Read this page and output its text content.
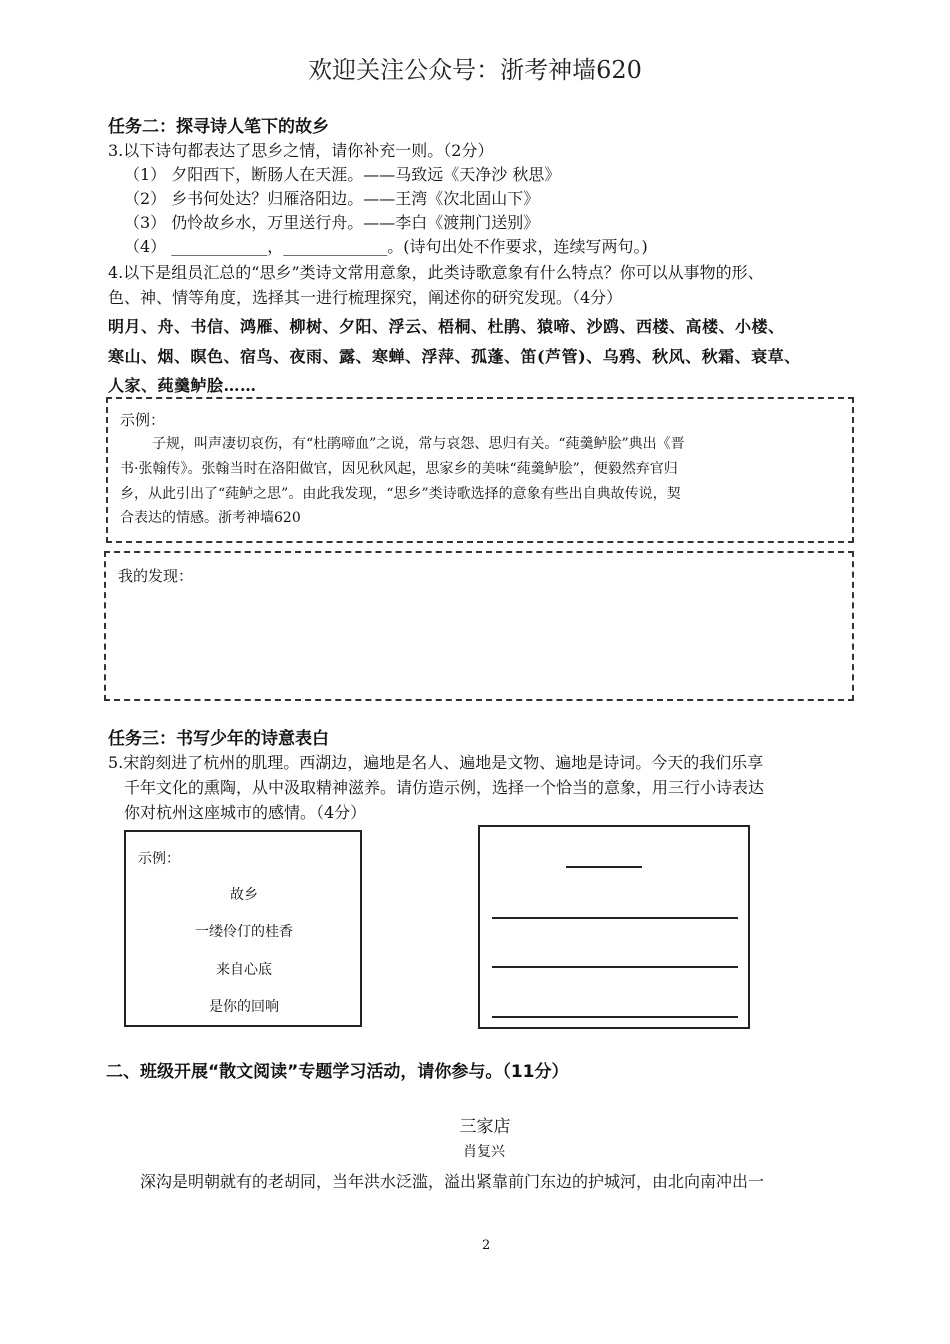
欢迎关注公众号：浙考神墙620
任务二：探寻诗人笔下的故乡
3.以下诗句都表达了思乡之情，请你补充一则。（2分）
（1） 夕阳西下，断肠人在天涯。——马致远《天净沙 秋思》
（2） 乡书何处达？归雁洛阳边。——王湾《次北固山下》
（3） 仍怜故乡水，万里送行舟。——李白《渡荆门送别》
（4） ____________，_____________。(诗句出处不作要求，连续写两句。)
4.以下是组员汇总的“思乡”类诗文常用意象，此类诗歌意象有什么特点？你可以从事物的形、
色、神、情等角度，选择其一进行梳理探究，阐述你的研究发现。（4分）
明月、舟、书信、鸿雁、柳树、夕阳、浮云、梧桐、杜鹃、猿啼、沙鸥、西楼、高楼、小楼、
寒山、烟、暝色、宿鸟、夜雨、露、寒蝉、浮萍、孤蓬、笛(芦管)、乌鸦、秋风、秋霜、衰草、
人家、莼羹鲈脍……
示例：
子规，叫声凄切哀伤，有“杜鹃啼血”之说，常与哀怨、思归有关。“莼羹鲈脍”典出《晋
书·张翰传》。张翰当时在洛阳做官，因见秋风起，思家乡的美味“莼羹鲈脍”，便毅然弃官归
乡，从此引出了“莼鲈之思”。由此我发现，“思乡”类诗歌选择的意象有些出自典故传说，契
合表达的情感。浙考神墙620
我的发现：
任务三：书写少年的诗意表白
5.宋韵刻进了杭州的肌理。西湖边，遍地是名人、遍地是文物、遍地是诗词。今天的我们乐享
千年文化的熏陶，从中汲取精神滋养。请仿造示例，选择一个恰当的意象，用三行小诗表达
你对杭州这座城市的感情。（4分）
示例：
故乡
一缕伶仃的桂香
来自心底
是你的回响
二、班级开展“散文阅读”专题学习活动，请你参与。（11分）
三家店
肖复兴
深沟是明朝就有的老胡同，当年洪水泛滥，溢出紧靠前门东边的护城河，由北向南冲出一
2
